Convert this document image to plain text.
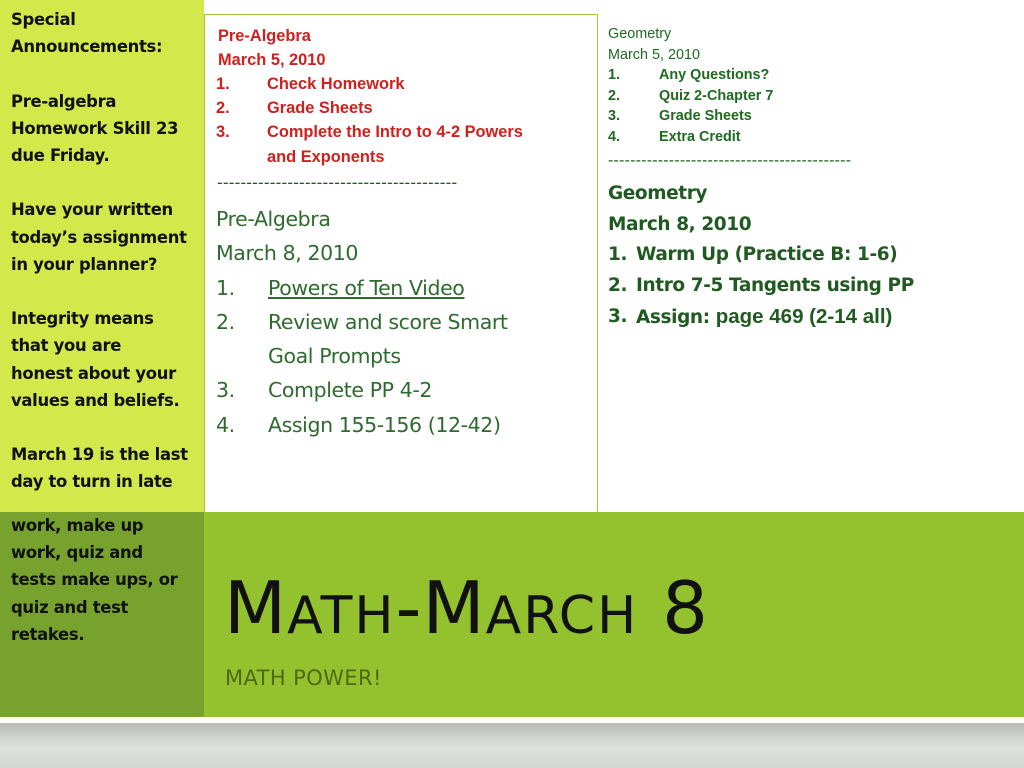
Special
Announcements:
Pre-algebra
Homework Skill 23
due Friday.
Have your written
today’s assignment
in your planner?
Integrity means
that you are
honest about your
values and beliefs.
March 19 is the last
day to turn in late
work, make up
work, quiz and
tests make ups, or
quiz and test
retakes.
Pre-Algebra
March 5, 2010
1.	Check Homework
2.	Grade Sheets
3.	Complete the Intro to 4-2 Powers
and Exponents
-----------------------------------------
Pre-Algebra
March 8, 2010
1.	Powers of Ten Video
2.	Review and score Smart
Goal Prompts
3.	Complete PP 4-2
4.	Assign 155-156 (12-42)
Geometry
March 5, 2010
1.	Any Questions?
2.	Quiz 2-Chapter 7
3.	Grade Sheets
4.	Extra Credit
--------------------------------------------
Geometry
March 8, 2010
1. Warm Up (Practice B: 1-6)
2. Intro 7-5 Tangents using PP
3. Assign: page 469 (2-14 all)
MATH-MARCH 8
MATH POWER!
